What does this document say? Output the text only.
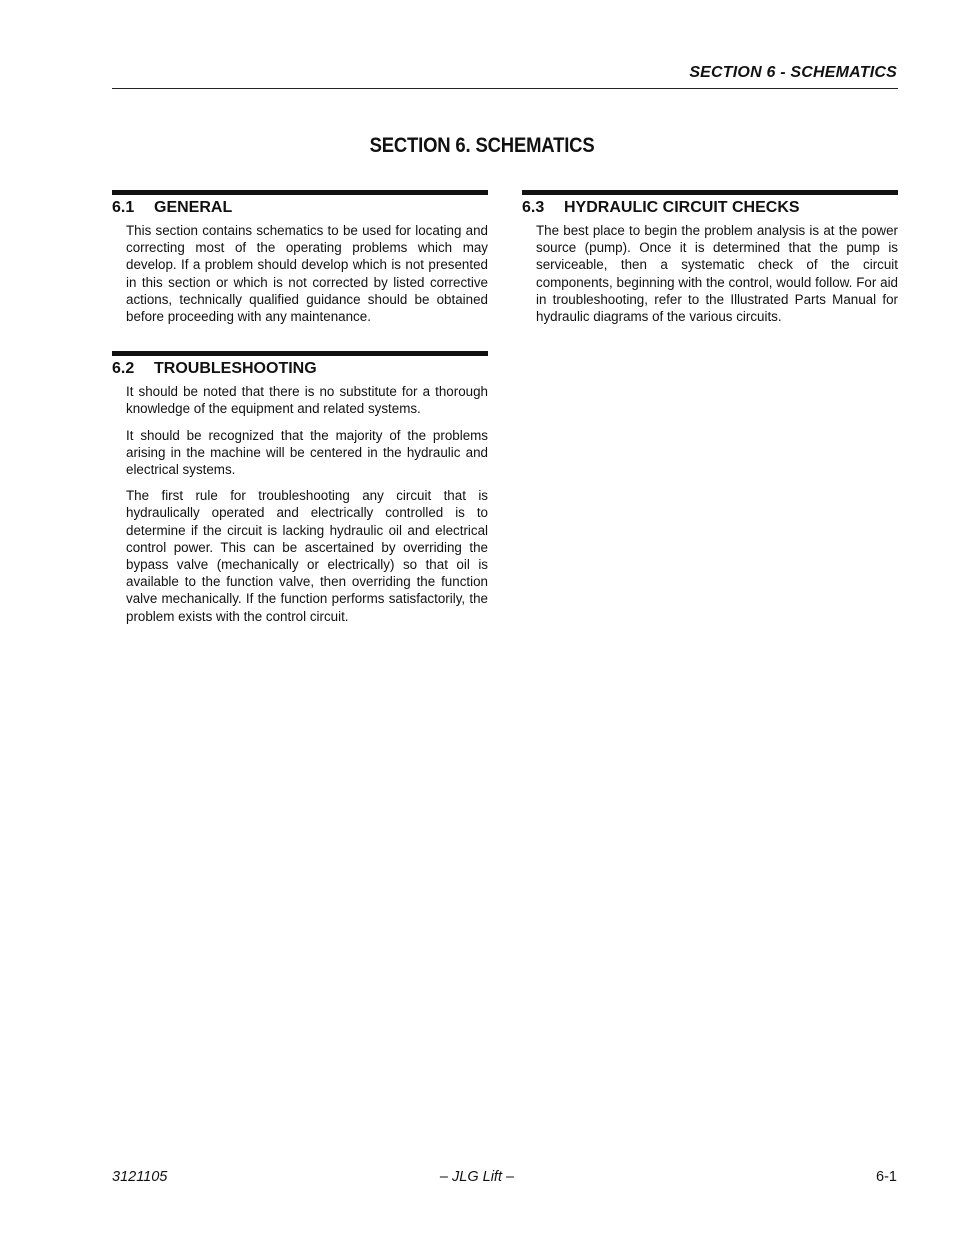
SECTION 6 - SCHEMATICS
SECTION 6. SCHEMATICS
6.1 GENERAL

This section contains schematics to be used for locating and correcting most of the operating problems which may develop. If a problem should develop which is not presented in this section or which is not corrected by listed corrective actions, technically qualified guidance should be obtained before proceeding with any maintenance.

6.2 TROUBLESHOOTING

It should be noted that there is no substitute for a thorough knowledge of the equipment and related systems.

It should be recognized that the majority of the problems arising in the machine will be centered in the hydraulic and electrical systems.

The first rule for troubleshooting any circuit that is hydraulically operated and electrically controlled is to determine if the circuit is lacking hydraulic oil and electrical control power. This can be ascertained by overriding the bypass valve (mechanically or electrically) so that oil is available to the function valve, then overriding the function valve mechanically. If the function performs satisfactorily, the problem exists with the control circuit.

6.3 HYDRAULIC CIRCUIT CHECKS

The best place to begin the problem analysis is at the power source (pump). Once it is determined that the pump is serviceable, then a systematic check of the circuit components, beginning with the control, would follow. For aid in troubleshooting, refer to the Illustrated Parts Manual for hydraulic diagrams of the various circuits.

3121105	– JLG Lift –	6-1
